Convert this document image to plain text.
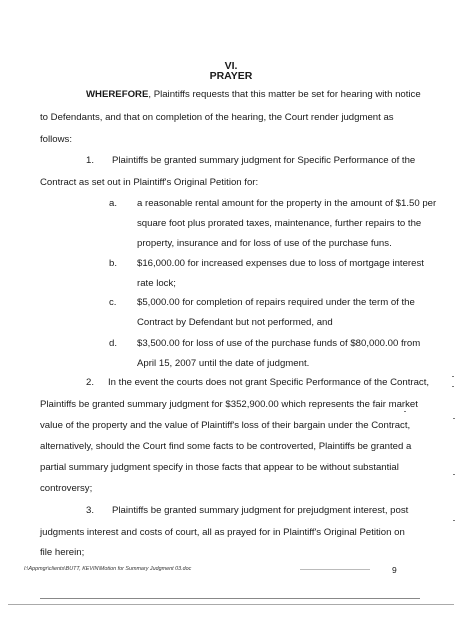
VI.
PRAYER
WHEREFORE, Plaintiffs requests that this matter be set for hearing with notice
to Defendants, and that on completion of the hearing, the Court render judgment as
follows:
1. Plaintiffs be granted summary judgment for Specific Performance of the
Contract as set out in Plaintiff's Original Petition for:
a. a reasonable rental amount for the property in the amount of $1.50 per
square foot plus prorated taxes, maintenance, further repairs to the
property, insurance and for loss of use of the purchase funs.
b. $16,000.00 for increased expenses due to loss of mortgage interest
rate lock;
c. $5,000.00 for completion of repairs required under the term of the
Contract by Defendant but not performed, and
d. $3,500.00 for loss of use of the purchase funds of $80,000.00 from
April 15, 2007 until the date of judgment.
2. In the event the courts does not grant Specific Performance of the Contract,
Plaintiffs be granted summary judgment for $352,900.00 which represents the fair market
value of the property and the value of Plaintiff's loss of their bargain under the Contract,
alternatively, should the Court find some facts to be controverted, Plaintiffs be granted a
partial summary judgment specify in those facts that appear to be without substantial
controversy;
3. Plaintiffs be granted summary judgment for prejudgment interest, post
judgments interest and costs of court, all as prayed for in Plaintiff's Original Petition on
file herein;
I:\Appmgr\clients\BUTT, KEVIN\Motion for Summary Judgment 03.doc	9
